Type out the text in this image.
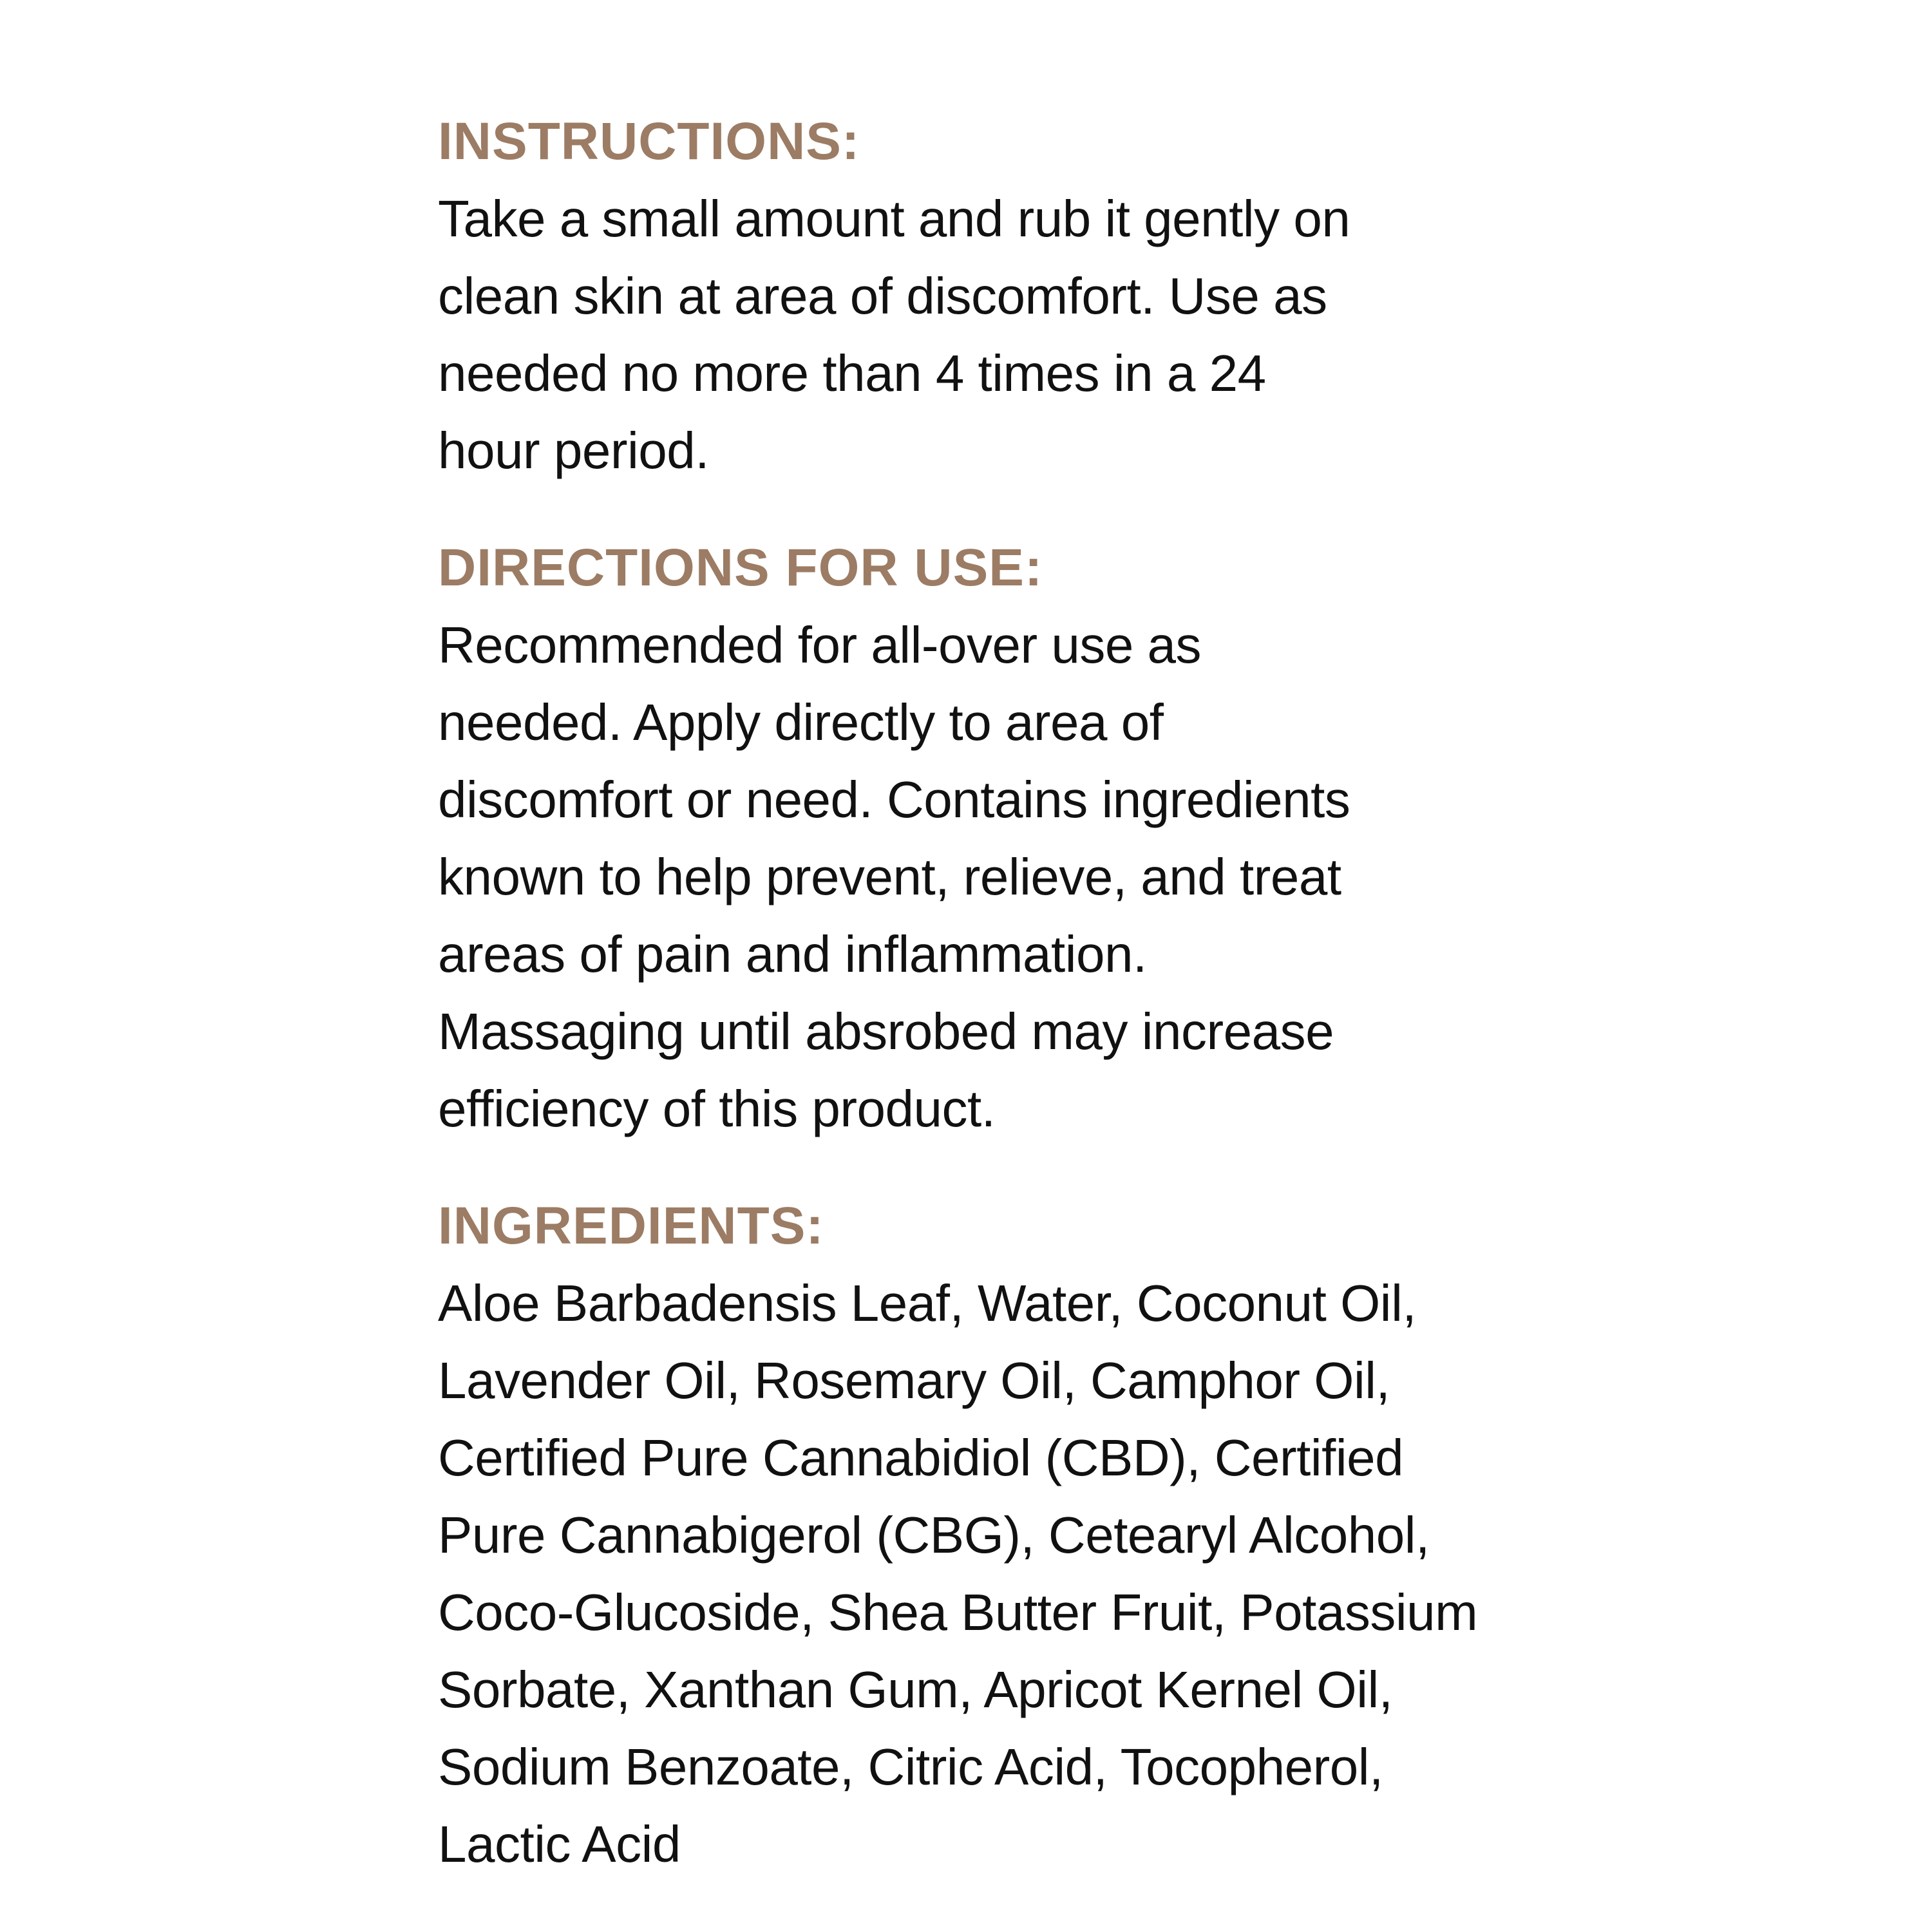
INSTRUCTIONS:
Take a small amount and rub it gently on
clean skin at area of discomfort. Use as
needed no more than 4 times in a 24
hour period.
DIRECTIONS FOR USE:
Recommended for all-over use as
needed. Apply directly to area of
discomfort or need. Contains ingredients
known to help prevent, relieve, and treat
areas of pain and inflammation.
Massaging until absrobed may increase
efficiency of this product.
INGREDIENTS:
Aloe Barbadensis Leaf, Water, Coconut Oil,
Lavender Oil, Rosemary Oil, Camphor Oil,
Certified Pure Cannabidiol (CBD), Certified
Pure Cannabigerol (CBG), Cetearyl Alcohol,
Coco-Glucoside, Shea Butter Fruit, Potassium
Sorbate, Xanthan Gum, Apricot Kernel Oil,
Sodium Benzoate, Citric Acid, Tocopherol,
Lactic Acid
